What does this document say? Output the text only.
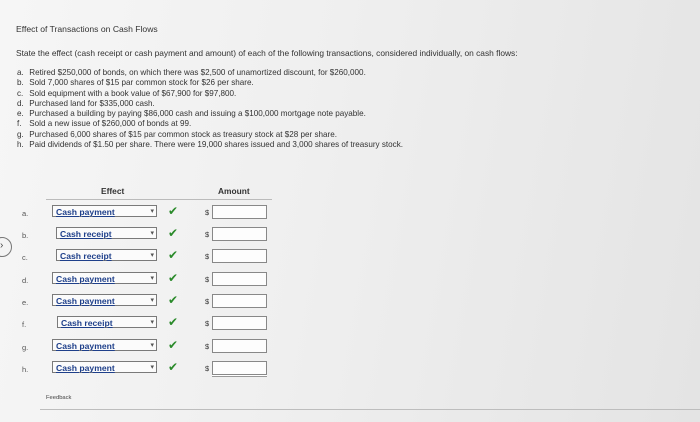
›
Effect of Transactions on Cash Flows
State the effect (cash receipt or cash payment and amount) of each of the following transactions, considered individually, on cash flows:
a. Retired $250,000 of bonds, on which there was $2,500 of unamortized discount, for $260,000.
b. Sold 7,000 shares of $15 par common stock for $26 per share.
c. Sold equipment with a book value of $67,900 for $97,800.
d. Purchased land for $335,000 cash.
e. Purchased a building by paying $86,000 cash and issuing a $100,000 mortgage note payable.
f. Sold a new issue of $260,000 of bonds at 99.
g. Purchased 6,000 shares of $15 par common stock as treasury stock at $28 per share.
h. Paid dividends of $1.50 per share. There were 19,000 shares issued and 3,000 shares of treasury stock.
Effect	Amount
a.	Cash payment	▾ ✔	$
b.	Cash receipt	▾ ✔	$
c.	Cash receipt	▾ ✔	$
d.	Cash payment	▾ ✔	$
e.	Cash payment	▾ ✔	$
f.	Cash receipt	▾ ✔	$
g.	Cash payment	▾ ✔	$
h.	Cash payment	▾ ✔	$
Feedback
